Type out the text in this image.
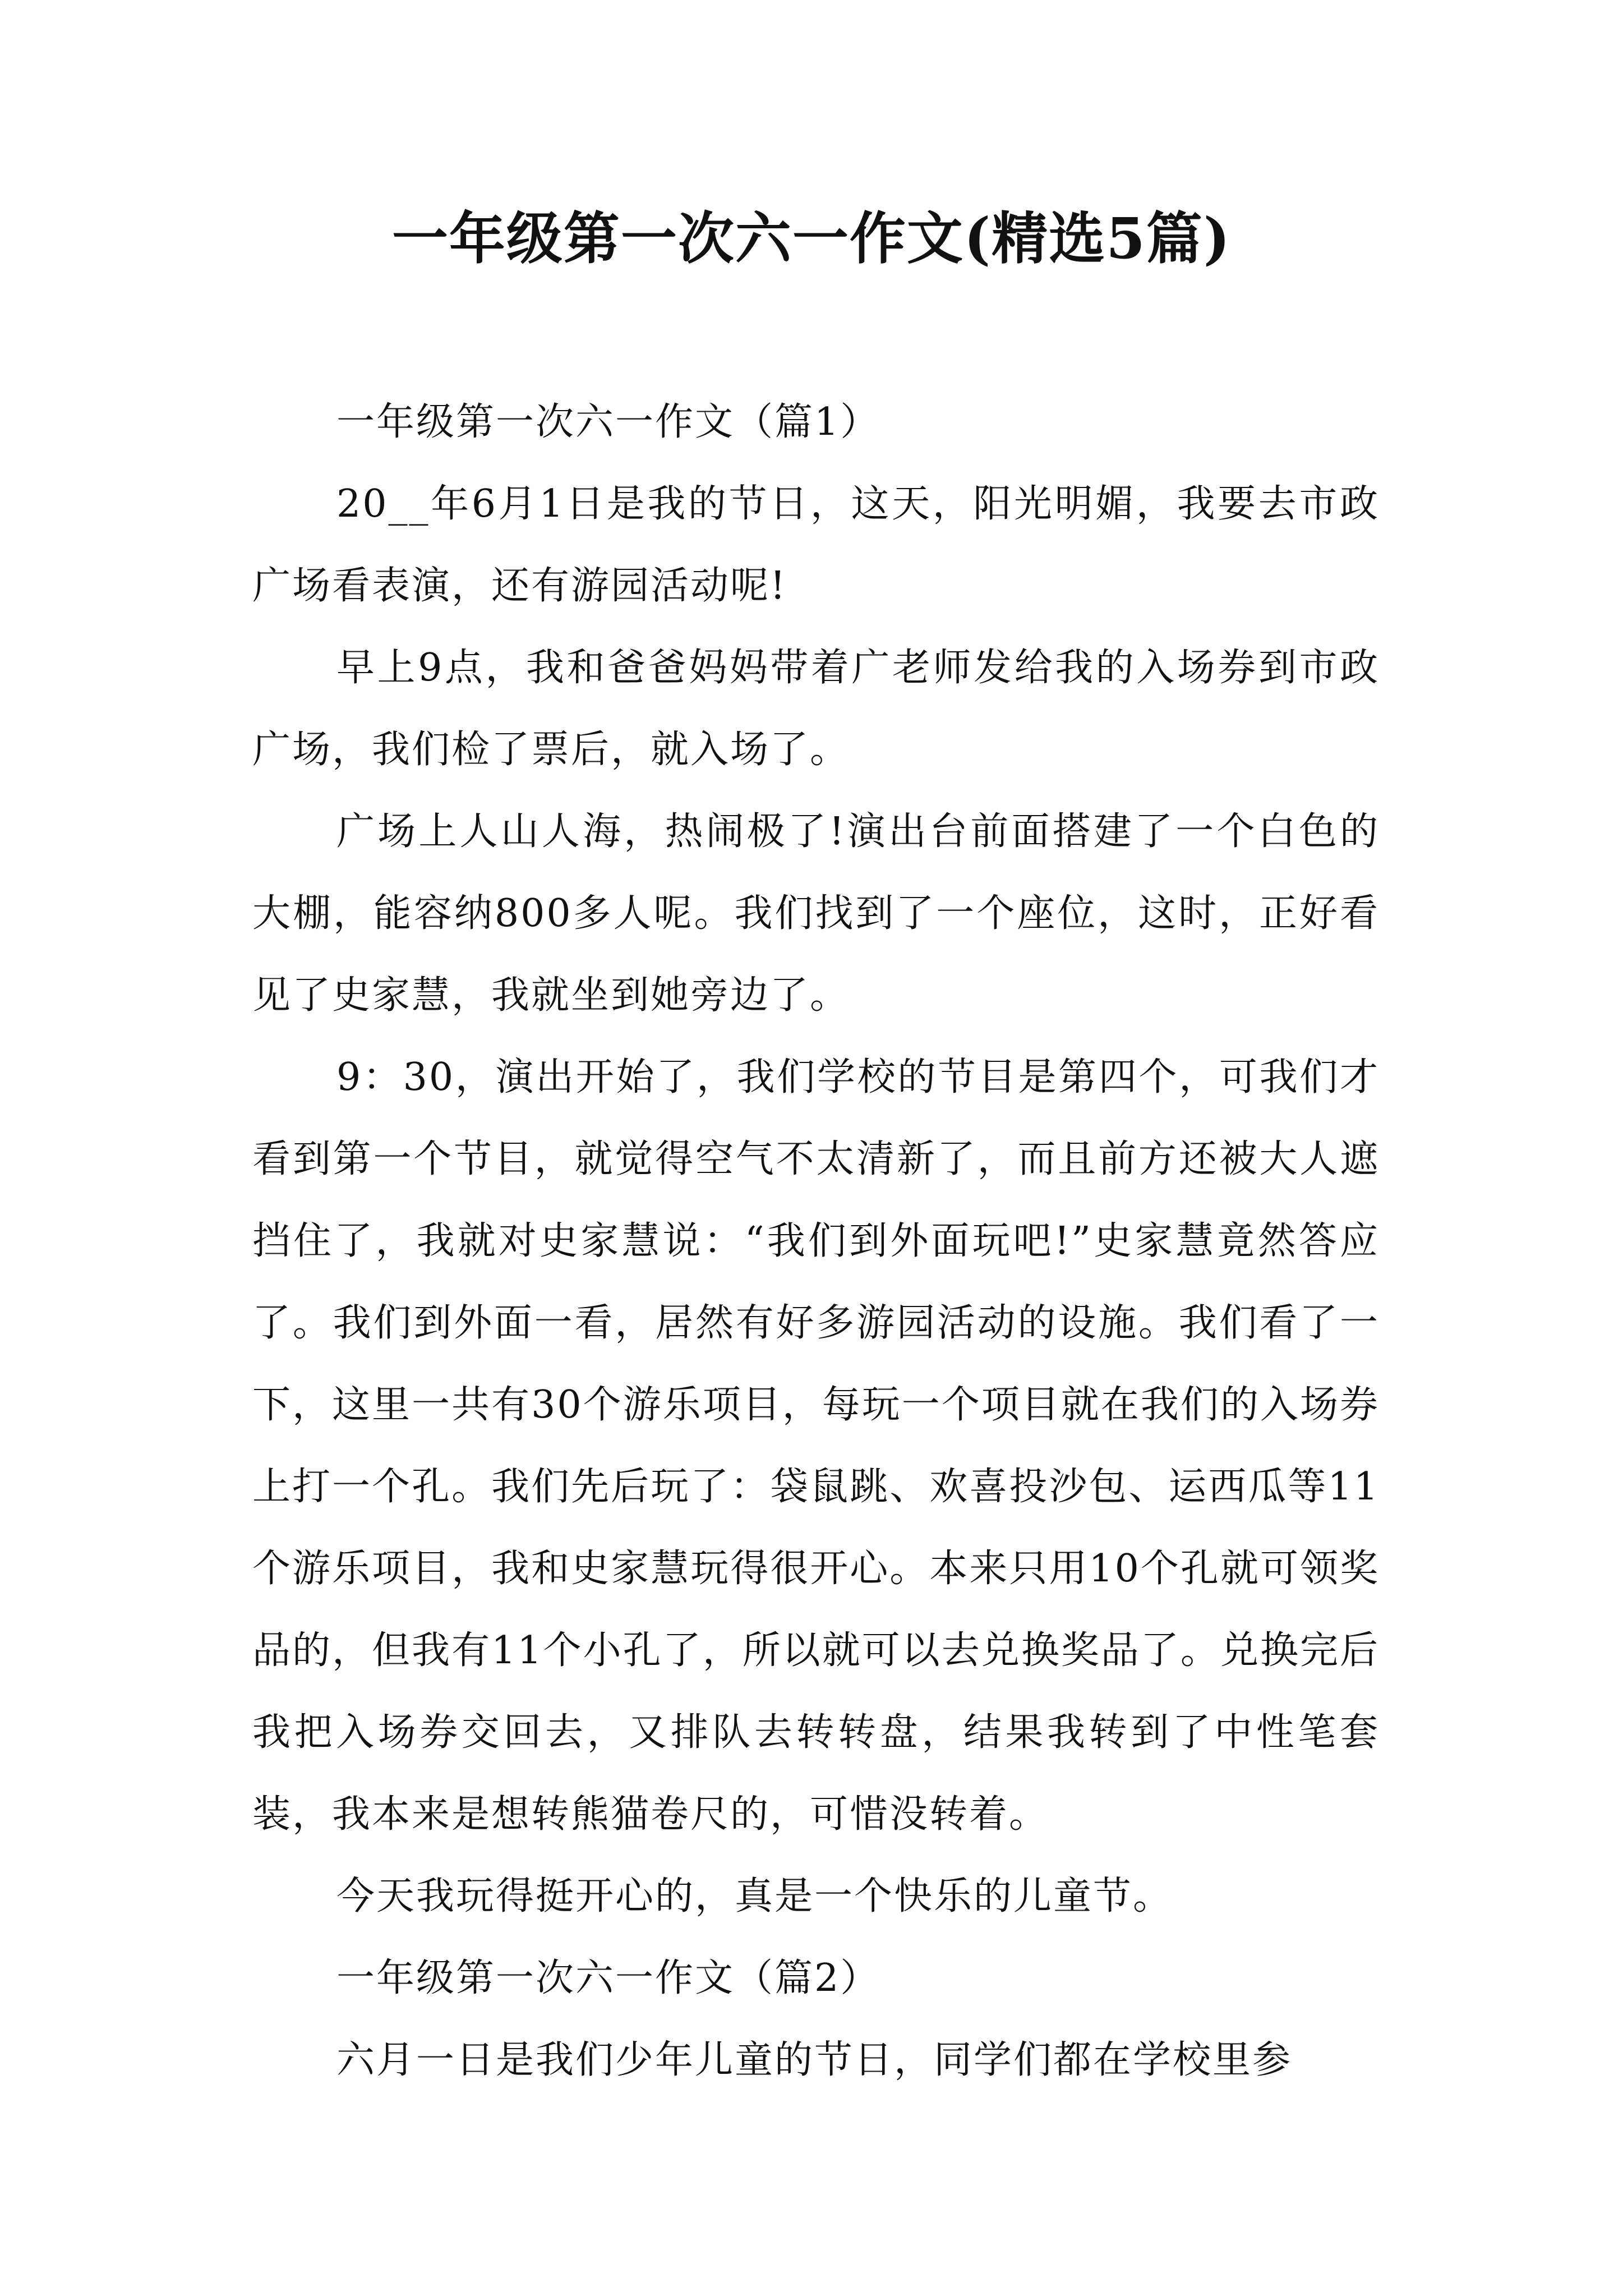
一年级第一次六一作文(精选5篇)

一年级第一次六一作文（篇1）

20__年6月1日是我的节日，这天，阳光明媚，我要去市政广场看表演，还有游园活动呢!

早上9点，我和爸爸妈妈带着广老师发给我的入场券到市政广场，我们检了票后，就入场了。

广场上人山人海，热闹极了!演出台前面搭建了一个白色的大棚，能容纳800多人呢。我们找到了一个座位，这时，正好看见了史家慧，我就坐到她旁边了。

9：30，演出开始了，我们学校的节目是第四个，可我们才看到第一个节目，就觉得空气不太清新了，而且前方还被大人遮挡住了，我就对史家慧说：“我们到外面玩吧!”史家慧竟然答应了。我们到外面一看，居然有好多游园活动的设施。我们看了一下，这里一共有30个游乐项目，每玩一个项目就在我们的入场券上打一个孔。我们先后玩了：袋鼠跳、欢喜投沙包、运西瓜等11个游乐项目，我和史家慧玩得很开心。本来只用10个孔就可领奖品的，但我有11个小孔了，所以就可以去兑换奖品了。兑换完后我把入场券交回去，又排队去转转盘，结果我转到了中性笔套装，我本来是想转熊猫卷尺的，可惜没转着。

今天我玩得挺开心的，真是一个快乐的儿童节。

一年级第一次六一作文（篇2）

六月一日是我们少年儿童的节日，同学们都在学校里参
